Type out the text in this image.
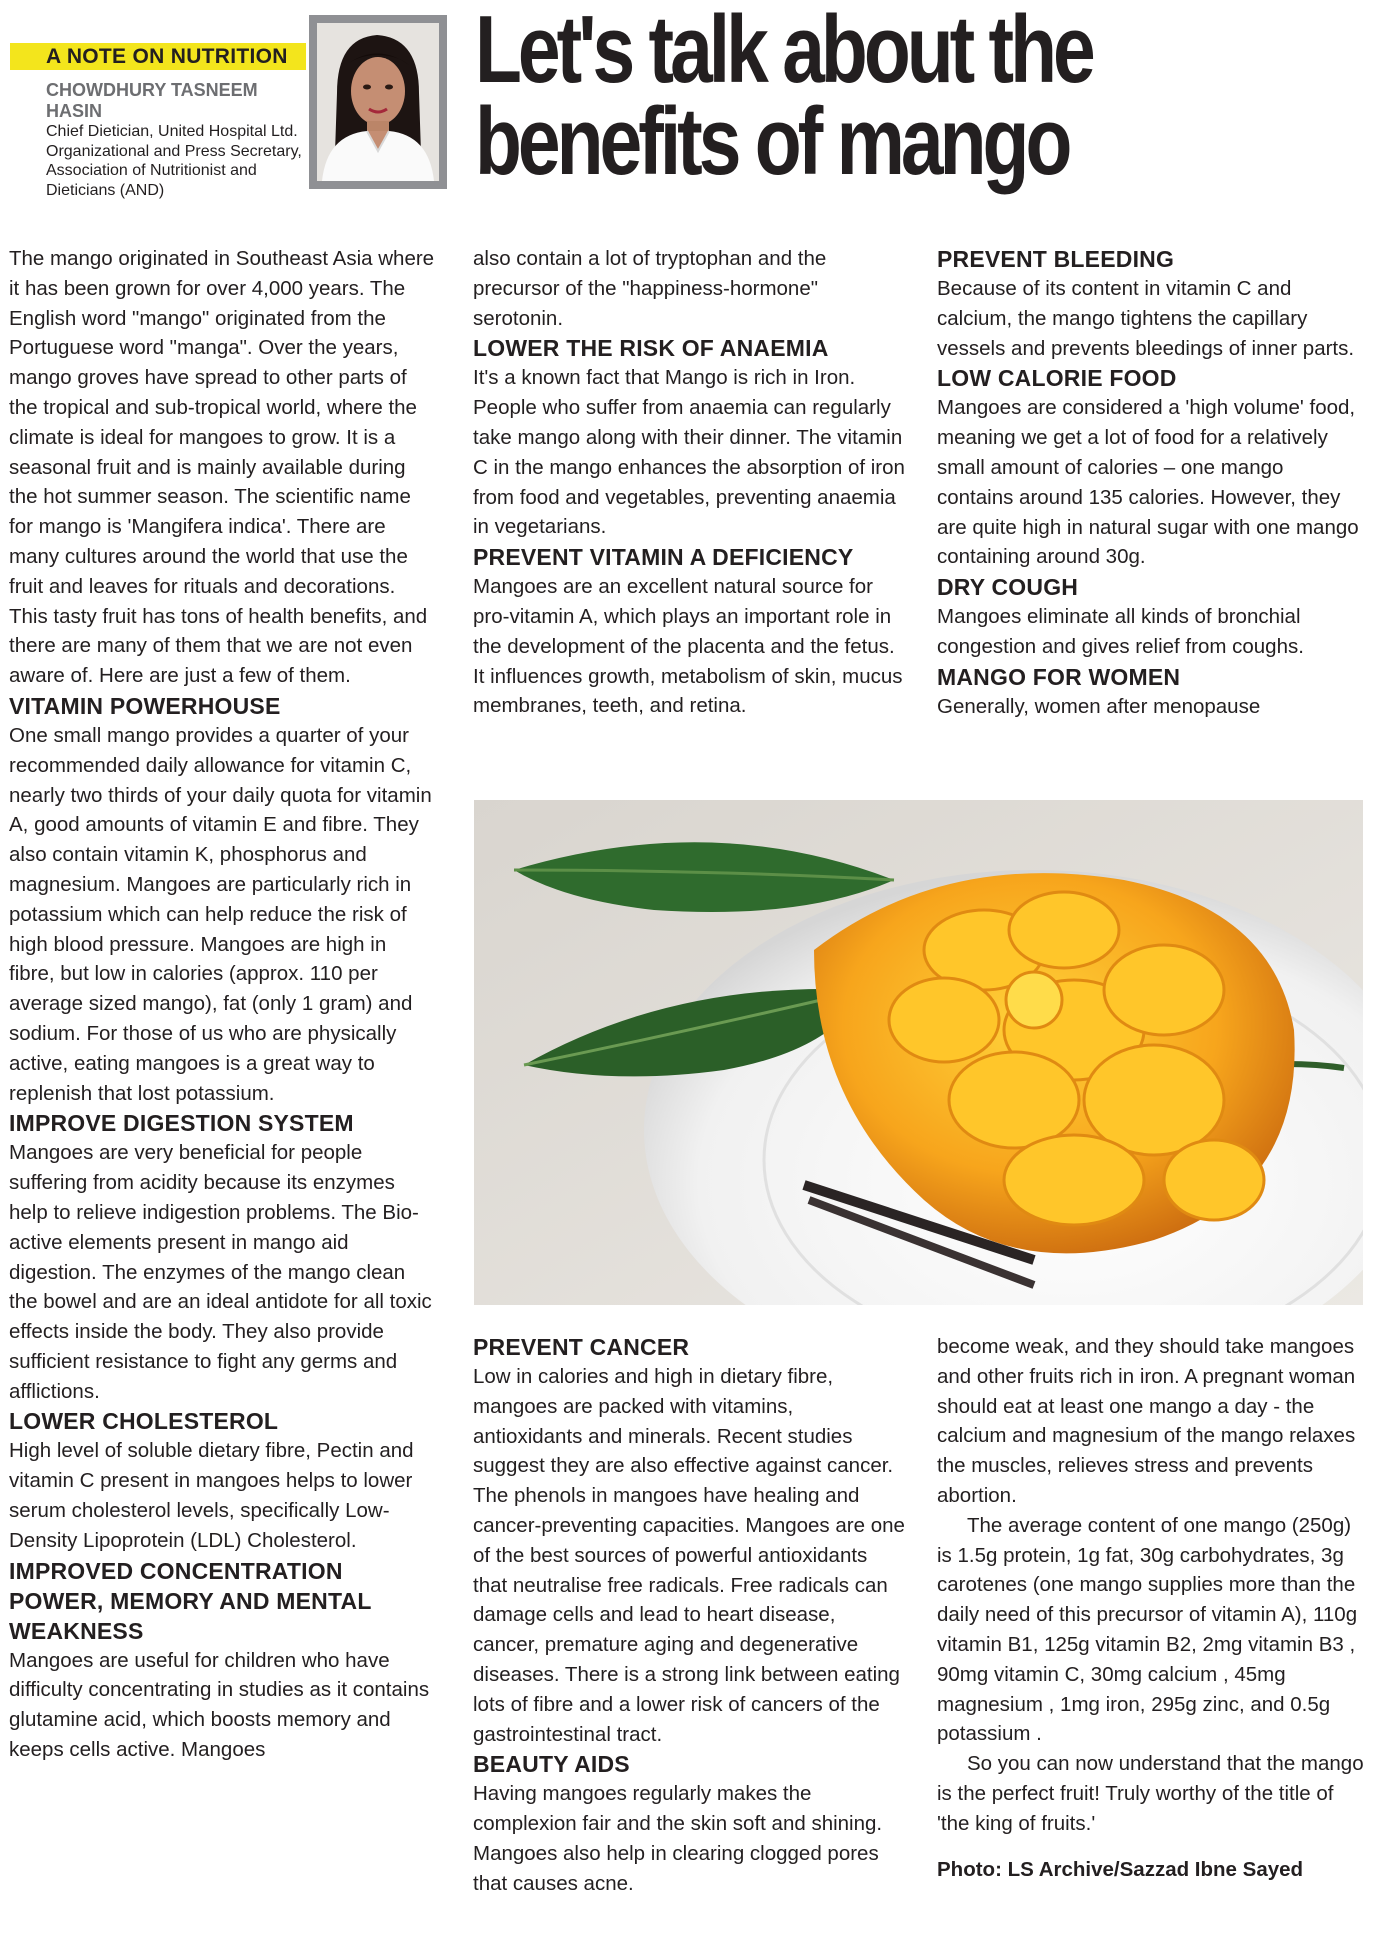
A NOTE ON NUTRITION
CHOWDHURY TASNEEM HASIN
Chief Dietician, United Hospital Ltd.
Organizational and Press Secretary,
Association of Nutritionist and
Dieticians (AND)
Let's talk about the
benefits of mango

The mango originated in Southeast Asia where it has been grown for over 4,000 years. The English word "mango" originated from the Portuguese word "manga". Over the years, mango groves have spread to other parts of the tropical and sub-tropical world, where the climate is ideal for mangoes to grow. It is a seasonal fruit and is mainly available during the hot summer season. The scientific name for mango is 'Mangifera indica'. There are many cultures around the world that use the fruit and leaves for rituals and decorations. This tasty fruit has tons of health benefits, and there are many of them that we are not even aware of. Here are just a few of them.

VITAMIN POWERHOUSE

One small mango provides a quarter of your recommended daily allowance for vitamin C, nearly two thirds of your daily quota for vitamin A, good amounts of vitamin E and fibre. They also contain vitamin K, phosphorus and magnesium. Mangoes are particularly rich in potassium which can help reduce the risk of high blood pressure. Mangoes are high in fibre, but low in calories (approx. 110 per average sized mango), fat (only 1 gram) and sodium. For those of us who are physically active, eating mangoes is a great way to replenish that lost potassium.

IMPROVE DIGESTION SYSTEM

Mangoes are very beneficial for people suffering from acidity because its enzymes help to relieve indigestion problems. The Bio-active elements present in mango aid digestion. The enzymes of the mango clean the bowel and are an ideal antidote for all toxic effects inside the body. They also provide sufficient resistance to fight any germs and afflictions.

LOWER CHOLESTEROL

High level of soluble dietary fibre, Pectin and vitamin C present in mangoes helps to lower serum cholesterol levels, specifically Low-Density Lipoprotein (LDL) Cholesterol.

IMPROVED CONCENTRATION POWER, MEMORY AND MENTAL WEAKNESS

Mangoes are useful for children who have difficulty concentrating in studies as it contains glutamine acid, which boosts memory and keeps cells active. Mangoes

also contain a lot of tryptophan and the precursor of the "happiness-hormone" serotonin.

LOWER THE RISK OF ANAEMIA

It's a known fact that Mango is rich in Iron. People who suffer from anaemia can regularly take mango along with their dinner. The vitamin C in the mango enhances the absorption of iron from food and vegetables, preventing anaemia in vegetarians.

PREVENT VITAMIN A DEFICIENCY

Mangoes are an excellent natural source for pro-vitamin A, which plays an important role in the development of the placenta and the fetus. It influences growth, metabolism of skin, mucus membranes, teeth, and retina.

PREVENT BLEEDING

Because of its content in vitamin C and calcium, the mango tightens the capillary vessels and prevents bleedings of inner parts.

LOW CALORIE FOOD

Mangoes are considered a 'high volume' food, meaning we get a lot of food for a relatively small amount of calories – one mango contains around 135 calories. However, they are quite high in natural sugar with one mango containing around 30g.

DRY COUGH

Mangoes eliminate all kinds of bronchial congestion and gives relief from coughs.

MANGO FOR WOMEN

Generally, women after menopause

PREVENT CANCER

Low in calories and high in dietary fibre, mangoes are packed with vitamins, antioxidants and minerals. Recent studies suggest they are also effective against cancer. The phenols in mangoes have healing and cancer-preventing capacities. Mangoes are one of the best sources of powerful antioxidants that neutralise free radicals. Free radicals can damage cells and lead to heart disease, cancer, premature aging and degenerative diseases. There is a strong link between eating lots of fibre and a lower risk of cancers of the gastrointestinal tract.

BEAUTY AIDS

Having mangoes regularly makes the complexion fair and the skin soft and shining. Mangoes also help in clearing clogged pores that causes acne.

become weak, and they should take mangoes and other fruits rich in iron. A pregnant woman should eat at least one mango a day - the calcium and magnesium of the mango relaxes the muscles, relieves stress and prevents abortion.

The average content of one mango (250g) is 1.5g protein, 1g fat, 30g carbohydrates, 3g carotenes (one mango supplies more than the daily need of this precursor of vitamin A), 110g vitamin B1, 125g vitamin B2, 2mg vitamin B3 , 90mg vitamin C, 30mg calcium , 45mg magnesium , 1mg iron, 295g zinc, and 0.5g potassium .

So you can now understand that the mango is the perfect fruit! Truly worthy of the title of 'the king of fruits.'

Photo: LS Archive/Sazzad Ibne Sayed
